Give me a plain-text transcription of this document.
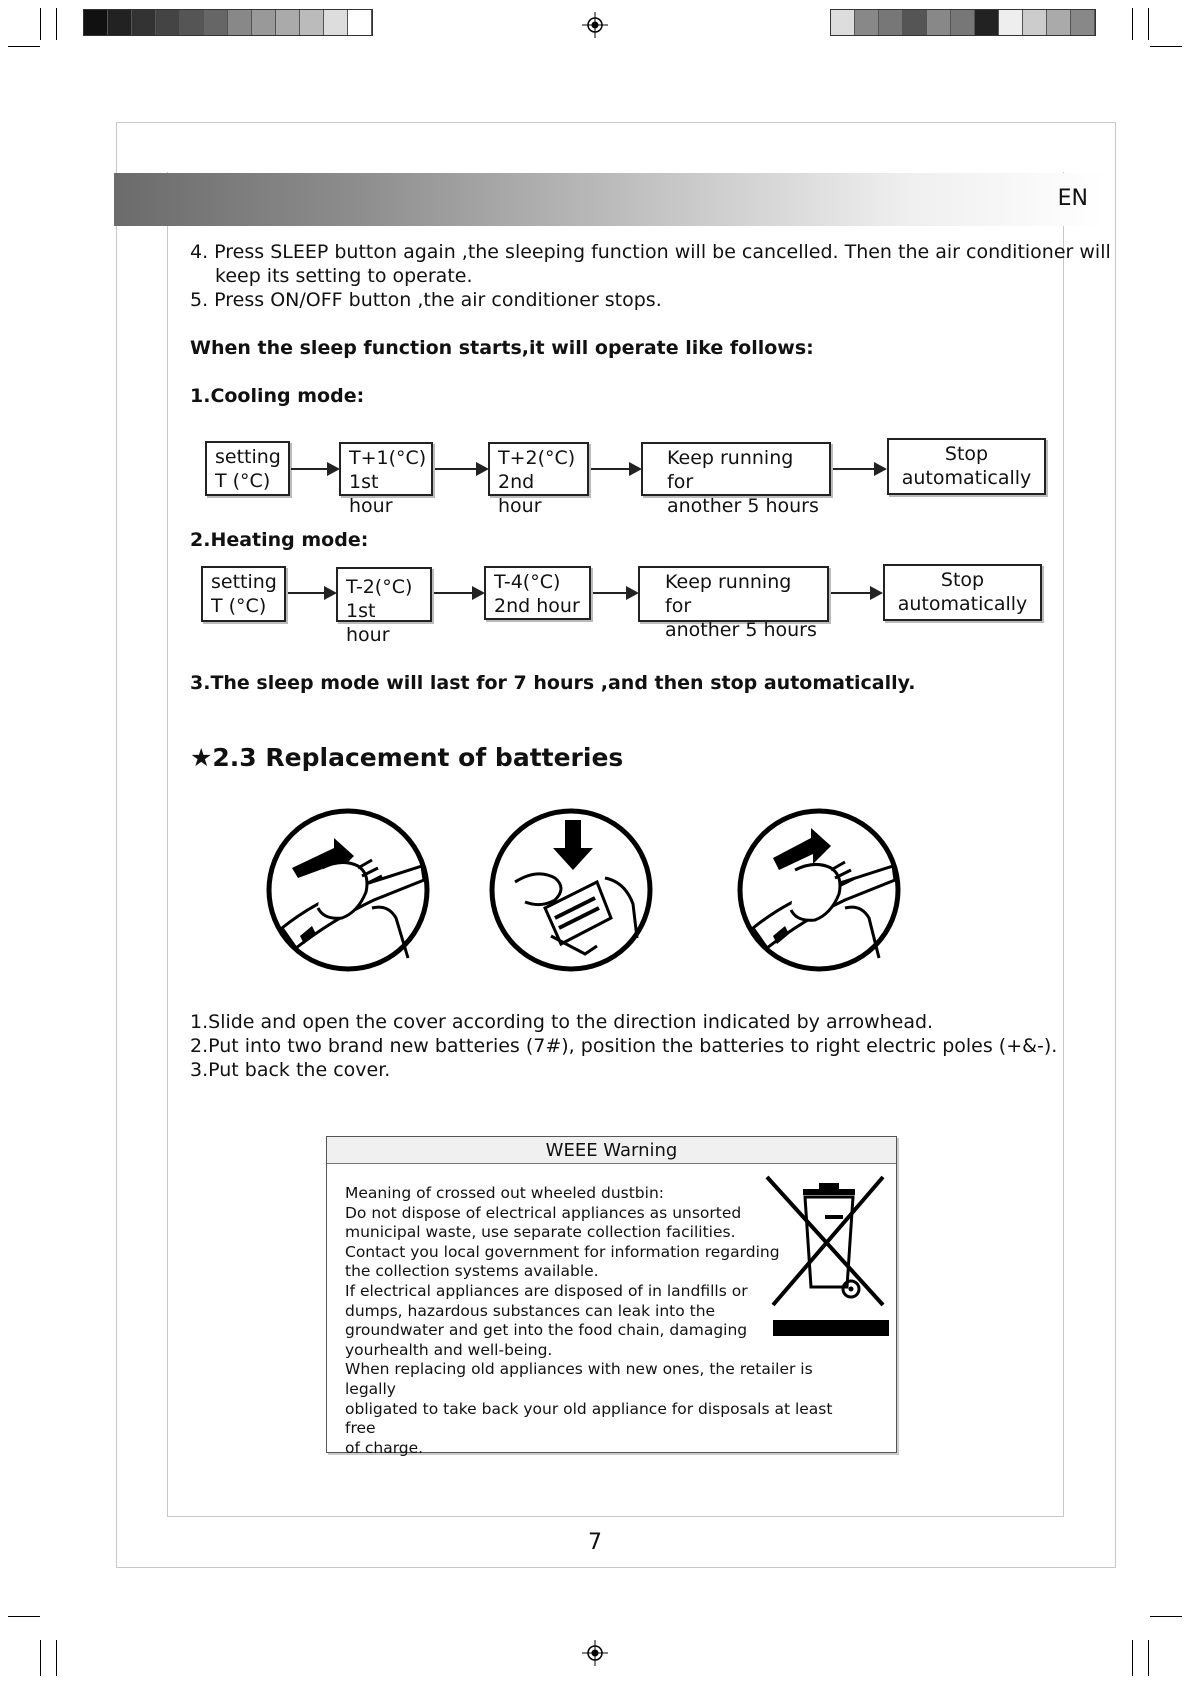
EN
4. Press SLEEP button again ,the sleeping function will be cancelled. Then the air conditioner will
keep its setting to operate.
5. Press ON/OFF button ,the air conditioner stops.
When the sleep function starts,it will operate like follows:
1.Cooling mode:
setting
T (°C)
T+1(°C)
1st hour
T+2(°C)
2nd hour
Keep running for
another 5 hours
Stop
automatically
2.Heating mode:
setting
T (°C)
T-2(°C)
1st hour
T-4(°C)
2nd hour
Keep running for
another 5 hours
Stop
automatically
3.The sleep mode will last for 7 hours ,and then stop automatically.
★2.3 Replacement of batteries
1.Slide and open the cover according to the direction indicated by arrowhead.
2.Put into two brand new batteries (7#), position the batteries to right electric poles (+&-).
3.Put back the cover.
WEEE Warning
Meaning of crossed out wheeled dustbin:
Do not dispose of electrical appliances as unsorted
municipal waste, use separate collection facilities.
Contact you local government for information regarding
the collection systems available.
If electrical appliances are disposed of in landfills or
dumps, hazardous substances can leak into the
groundwater and get into the food chain, damaging
yourhealth and well-being.
When replacing old appliances with new ones, the retailer is legally
obligated to take back your old appliance for disposals at least free
of charge.
7
